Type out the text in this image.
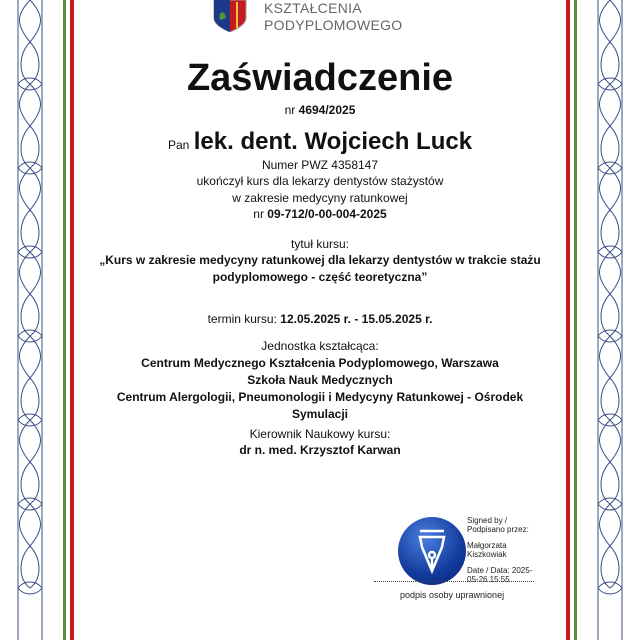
KSZTAŁCENIA
PODYPLOMOWEGO
Zaświadczenie
nr 4694/2025
Pan lek. dent. Wojciech Luck
Numer PWZ 4358147
ukończył kurs dla lekarzy dentystów stażystów
w zakresie medycyny ratunkowej
nr 09-712/0-00-004-2025
tytuł kursu:
„Kurs w zakresie medycyny ratunkowej dla lekarzy dentystów w trakcie stażu
podyplomowego - część teoretyczna”
termin kursu: 12.05.2025 r. - 15.05.2025 r.
Jednostka kształcąca:
Centrum Medycznego Kształcenia Podyplomowego, Warszawa
Szkoła Nauk Medycznych
Centrum Alergologii, Pneumonologii i Medycyny Ratunkowej - Ośrodek
Symulacji
Kierownik Naukowy kursu:
dr n. med. Krzysztof Karwan
Signed by /
Podpisano przez:
Małgorzata
Kiszkowiak
Date / Data: 2025-
05-26 15:55
podpis osoby uprawnionej
